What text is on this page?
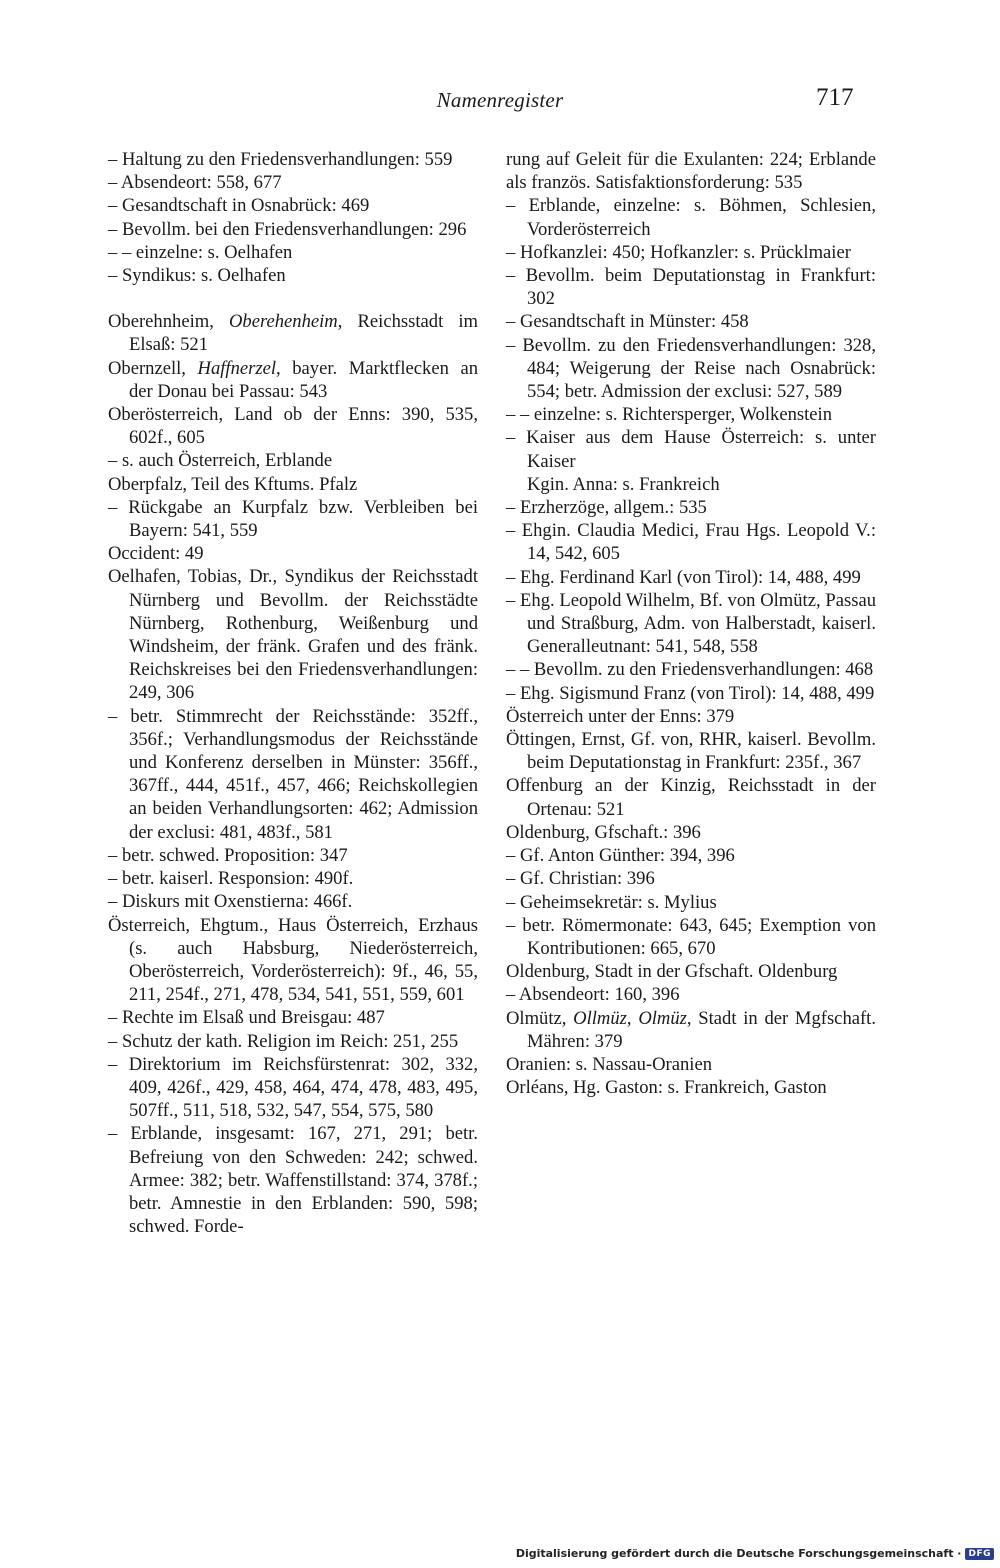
Namenregister	717

– Haltung zu den Friedensverhandlungen: 559

– Absendeort: 558, 677

– Gesandtschaft in Osnabrück: 469

– Bevollm. bei den Friedensverhandlungen: 296

– – einzelne: s. Oelhafen

– Syndikus: s. Oelhafen

Oberehnheim, Oberehenheim, Reichsstadt im Elsaß: 521

Obernzell, Haffnerzel, bayer. Marktflecken an der Donau bei Passau: 543

Oberösterreich, Land ob der Enns: 390, 535, 602f., 605

– s. auch Österreich, Erblande

Oberpfalz, Teil des Kftums. Pfalz

– Rückgabe an Kurpfalz bzw. Verbleiben bei Bayern: 541, 559

Occident: 49

Oelhafen, Tobias, Dr., Syndikus der Reichsstadt Nürnberg und Bevollm. der Reichsstädte Nürnberg, Rothenburg, Weißenburg und Windsheim, der fränk. Grafen und des fränk. Reichskreises bei den Friedensverhandlungen: 249, 306

– betr. Stimmrecht der Reichsstände: 352ff., 356f.; Verhandlungsmodus der Reichsstände und Konferenz derselben in Münster: 356ff., 367ff., 444, 451f., 457, 466; Reichskollegien an beiden Verhandlungsorten: 462; Admission der exclusi: 481, 483f., 581

– betr. schwed. Proposition: 347

– betr. kaiserl. Responsion: 490f.

– Diskurs mit Oxenstierna: 466f.

Österreich, Ehgtum., Haus Österreich, Erzhaus (s. auch Habsburg, Niederösterreich, Oberösterreich, Vorderösterreich): 9f., 46, 55, 211, 254f., 271, 478, 534, 541, 551, 559, 601

– Rechte im Elsaß und Breisgau: 487

– Schutz der kath. Religion im Reich: 251, 255

– Direktorium im Reichsfürstenrat: 302, 332, 409, 426f., 429, 458, 464, 474, 478, 483, 495, 507ff., 511, 518, 532, 547, 554, 575, 580

– Erblande, insgesamt: 167, 271, 291; betr. Befreiung von den Schweden: 242; schwed. Armee: 382; betr. Waffenstillstand: 374, 378f.; betr. Amnestie in den Erblanden: 590, 598; schwed. Forde-

rung auf Geleit für die Exulanten: 224; Erblande als französ. Satisfaktionsforderung: 535

– Erblande, einzelne: s. Böhmen, Schlesien, Vorderösterreich

– Hofkanzlei: 450; Hofkanzler: s. Prücklmaier

– Bevollm. beim Deputationstag in Frankfurt: 302

– Gesandtschaft in Münster: 458

– Bevollm. zu den Friedensverhandlungen: 328, 484; Weigerung der Reise nach Osnabrück: 554; betr. Admission der exclusi: 527, 589

– – einzelne: s. Richtersperger, Wolkenstein

– Kaiser aus dem Hause Österreich: s. unter Kaiser

Kgin. Anna: s. Frankreich

– Erzherzöge, allgem.: 535

– Ehgin. Claudia Medici, Frau Hgs. Leopold V.: 14, 542, 605

– Ehg. Ferdinand Karl (von Tirol): 14, 488, 499

– Ehg. Leopold Wilhelm, Bf. von Olmütz, Passau und Straßburg, Adm. von Halberstadt, kaiserl. Generalleutnant: 541, 548, 558

– – Bevollm. zu den Friedensverhandlungen: 468

– Ehg. Sigismund Franz (von Tirol): 14, 488, 499

Österreich unter der Enns: 379

Öttingen, Ernst, Gf. von, RHR, kaiserl. Bevollm. beim Deputationstag in Frankfurt: 235f., 367

Offenburg an der Kinzig, Reichsstadt in der Ortenau: 521

Oldenburg, Gfschaft.: 396

– Gf. Anton Günther: 394, 396

– Gf. Christian: 396

– Geheimsekretär: s. Mylius

– betr. Römermonate: 643, 645; Exemption von Kontributionen: 665, 670

Oldenburg, Stadt in der Gfschaft. Oldenburg

– Absendeort: 160, 396

Olmütz, Ollmüz, Olmüz, Stadt in der Mgfschaft. Mähren: 379

Oranien: s. Nassau-Oranien

Orléans, Hg. Gaston: s. Frankreich, Gaston

Digitalisierung gefördert durch die Deutsche Forschungsgemeinschaft · DFG
